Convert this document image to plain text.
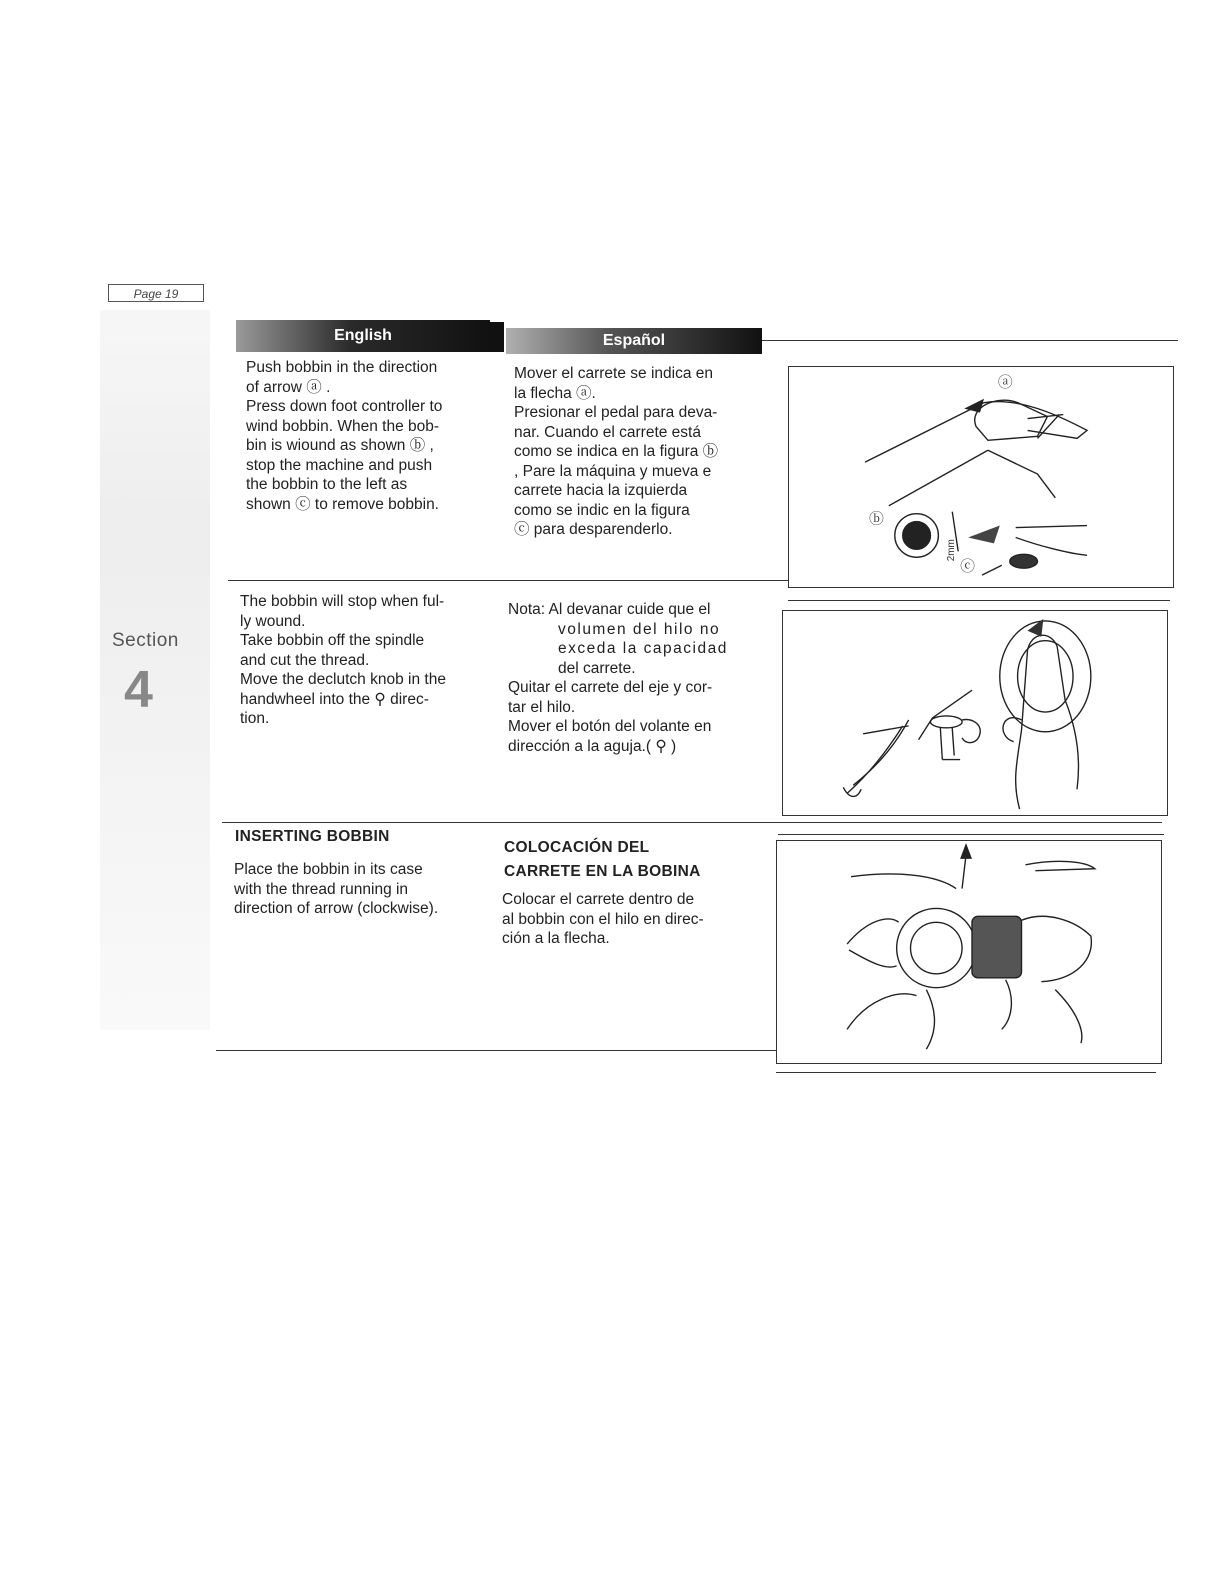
Page 19
Section
4
English	Español

Push bobbin in the direction

of arrow ⓐ .

Press down foot controller to

wind bobbin. When the bob-

bin is wiound as shown ⓑ ,

stop the machine and push

the bobbin to the left as

shown ⓒ to remove bobbin.

Mover el carrete se indica en

la flecha ⓐ.

Presionar el pedal para deva-

nar. Cuando el carrete está

como se indica en la figura ⓑ

, Pare la máquina y mueva e

carrete hacia la izquierda

como se indic en la figura

ⓒ para desparenderlo.

ⓐ
ⓑ
ⓒ
2mm

The bobbin will stop when ful-

ly wound.

Take bobbin off the spindle

and cut the thread.

Move the declutch knob in the

handwheel into the ⚲ direc-

tion.

Nota: Al devanar cuide que el

volumen del hilo no

exceda la capacidad

del carrete.

Quitar el carrete del eje y cor-

tar el hilo.

Mover el botón del volante en

dirección a la aguja.( ⚲ )

INSERTING BOBBIN

Place the bobbin in its case

with the thread running in

direction of arrow (clockwise).

COLOCACIÓN DEL
CARRETE EN LA BOBINA

Colocar el carrete dentro de

al bobbin con el hilo en direc-

ción a la flecha.
